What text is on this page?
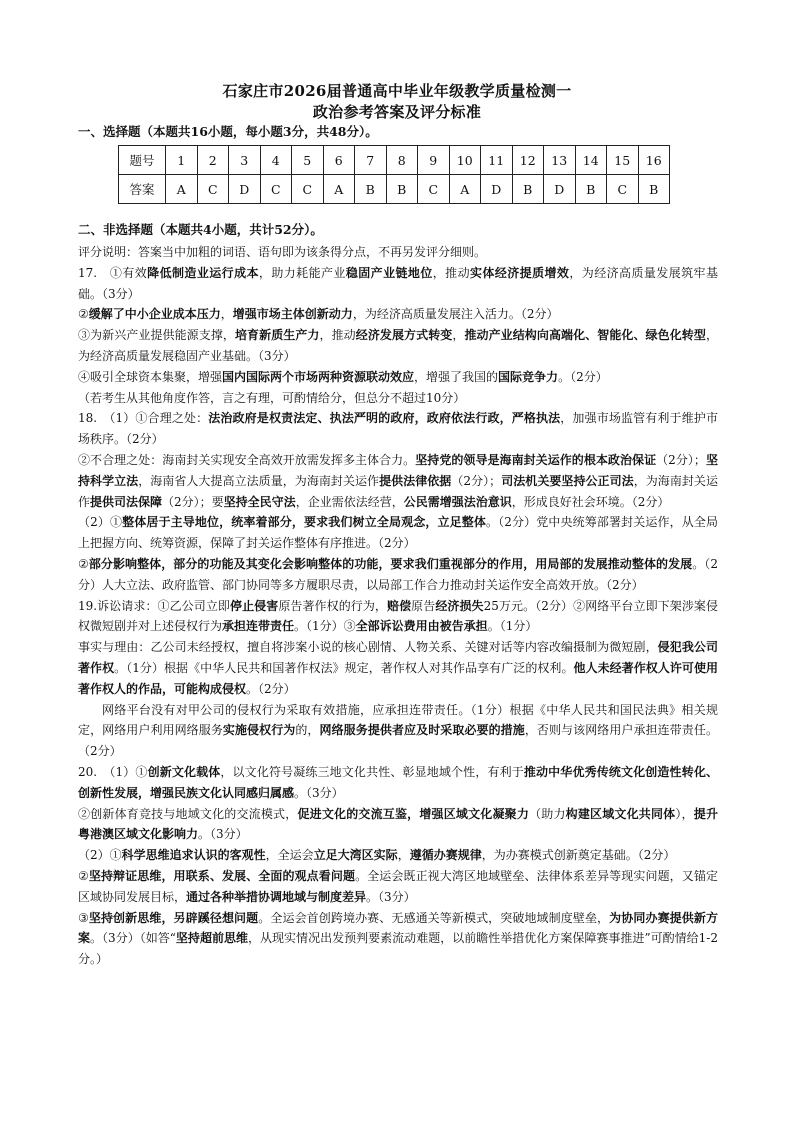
石家庄市2026届普通高中毕业年级教学质量检测一
政治参考答案及评分标准
一、选择题（本题共16小题，每小题3分，共48分）。
题号	1	2	3	4	5	6	7	8	9	10	11	12	13	14	15	16
答案	A	C	D	C	C	A	B	B	C	A	D	B	D	B	C	B
二、非选择题（本题共4小题，共计52分）。

评分说明：答案当中加粗的词语、语句即为该条得分点，不再另发评分细则。

17.　①有效降低制造业运行成本，助力耗能产业稳固产业链地位，推动实体经济提质增效，为经济高质量发展筑牢基础。（3分）

②缓解了中小企业成本压力，增强市场主体创新动力，为经济高质量发展注入活力。（2分）

③为新兴产业提供能源支撑，培育新质生产力，推动经济发展方式转变，推动产业结构向高端化、智能化、绿色化转型，为经济高质量发展稳固产业基础。（3分）

④吸引全球资本集聚，增强国内国际两个市场两种资源联动效应，增强了我国的国际竞争力。（2分）

（若考生从其他角度作答，言之有理，可酌情给分，但总分不超过10分）

18.　（1）①合理之处：法治政府是权责法定、执法严明的政府，政府依法行政，严格执法，加强市场监管有利于维护市场秩序。（2分）

②不合理之处：海南封关实现安全高效开放需发挥多主体合力。坚持党的领导是海南封关运作的根本政治保证（2分）；坚持科学立法，海南省人大提高立法质量，为海南封关运作提供法律依据（2分）；司法机关要坚持公正司法，为海南封关运作提供司法保障（2分）；要坚持全民守法，企业需依法经营，公民需增强法治意识，形成良好社会环境。（2分）

（2）①整体居于主导地位，统率着部分，要求我们树立全局观念，立足整体。（2分）党中央统筹部署封关运作，从全局上把握方向、统筹资源，保障了封关运作整体有序推进。（2分）

②部分影响整体，部分的功能及其变化会影响整体的功能，要求我们重视部分的作用，用局部的发展推动整体的发展。（2分）人大立法、政府监管、部门协同等多方履职尽责，以局部工作合力推动封关运作安全高效开放。（2分）

19.诉讼请求：①乙公司立即停止侵害原告著作权的行为，赔偿原告经济损失25万元。（2分）②网络平台立即下架涉案侵权微短剧并对上述侵权行为承担连带责任。（1分）③全部诉讼费用由被告承担。（1分）

事实与理由：乙公司未经授权，擅自将涉案小说的核心剧情、人物关系、关键对话等内容改编摄制为微短剧，侵犯我公司著作权。（1分）根据《中华人民共和国著作权法》规定，著作权人对其作品享有广泛的权利。他人未经著作权人许可使用著作权人的作品，可能构成侵权。（2分）

网络平台没有对甲公司的侵权行为采取有效措施，应承担连带责任。（1分）根据《中华人民共和国民法典》相关规定，网络用户利用网络服务实施侵权行为的，网络服务提供者应及时采取必要的措施，否则与该网络用户承担连带责任。（2分）

20.　（1）①创新文化载体，以文化符号凝练三地文化共性、彰显地域个性，有利于推动中华优秀传统文化创造性转化、创新性发展，增强民族文化认同感归属感。（3分）

②创新体育竞技与地域文化的交流模式，促进文化的交流互鉴，增强区域文化凝聚力（助力构建区域文化共同体），提升粤港澳区域文化影响力。（3分）

（2）①科学思维追求认识的客观性，全运会立足大湾区实际，遵循办赛规律，为办赛模式创新奠定基础。（2分）

②坚持辩证思维，用联系、发展、全面的观点看问题。全运会既正视大湾区地域壁垒、法律体系差异等现实问题，又锚定区域协同发展目标，通过各种举措协调地域与制度差异。（3分）

③坚持创新思维，另辟蹊径想问题。全运会首创跨境办赛、无感通关等新模式，突破地域制度壁垒，为协同办赛提供新方案。（3分）（如答“坚持超前思维，从现实情况出发预判要素流动难题，以前瞻性举措优化方案保障赛事推进”可酌情给1-2分。）
